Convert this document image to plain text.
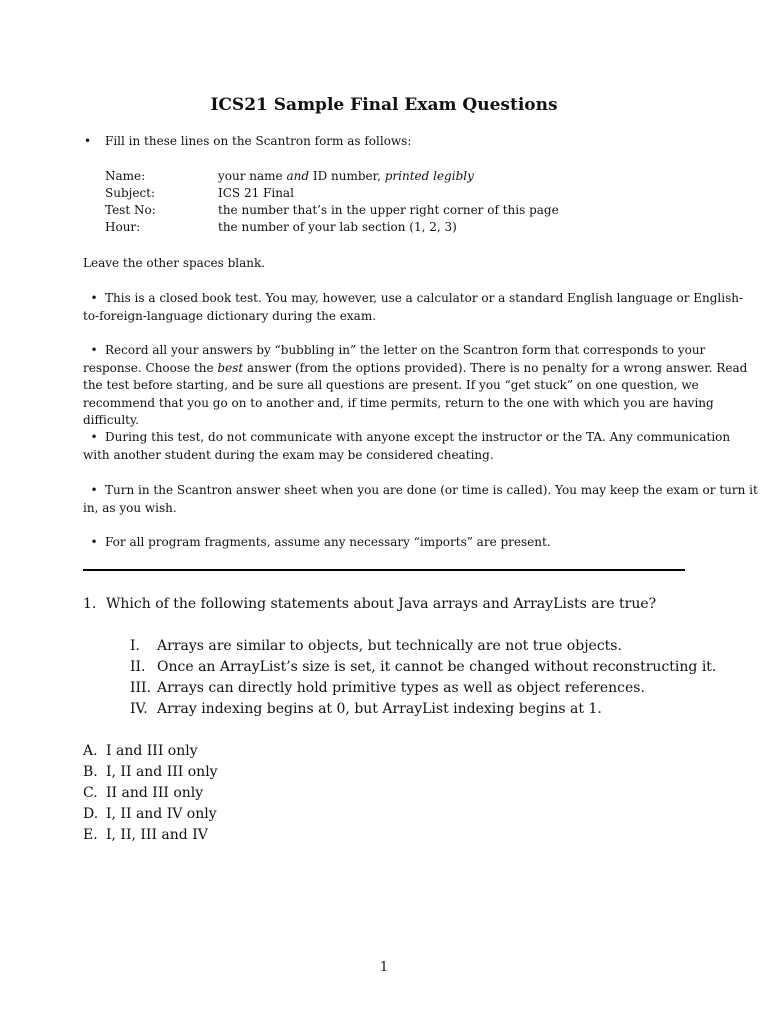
ICS21 Sample Final Exam Questions
• Fill in these lines on the Scantron form as follows:
Name:	your name and ID number, printed legibly
Subject:	ICS 21 Final
Test No:	the number that’s in the upper right corner of this page
Hour:	the number of your lab section (1, 2, 3)
Leave the other spaces blank.
• This is a closed book test. You may, however, use a calculator or a standard English language or English-to-foreign-language dictionary during the exam.
• Record all your answers by “bubbling in” the letter on the Scantron form that corresponds to your response. Choose the best answer (from the options provided). There is no penalty for a wrong answer. Read the test before starting, and be sure all questions are present. If you “get stuck” on one question, we recommend that you go on to another and, if time permits, return to the one with which you are having difficulty.
• During this test, do not communicate with anyone except the instructor or the TA. Any communication with another student during the exam may be considered cheating.
• Turn in the Scantron answer sheet when you are done (or time is called). You may keep the exam or turn it in, as you wish.
• For all program fragments, assume any necessary “imports” are present.
1. Which of the following statements about Java arrays and ArrayLists are true?
I. Arrays are similar to objects, but technically are not true objects.
II. Once an ArrayList’s size is set, it cannot be changed without reconstructing it.
III. Arrays can directly hold primitive types as well as object references.
IV. Array indexing begins at 0, but ArrayList indexing begins at 1.
A. I and III only
B. I, II and III only
C. II and III only
D. I, II and IV only
E. I, II, III and IV
1
